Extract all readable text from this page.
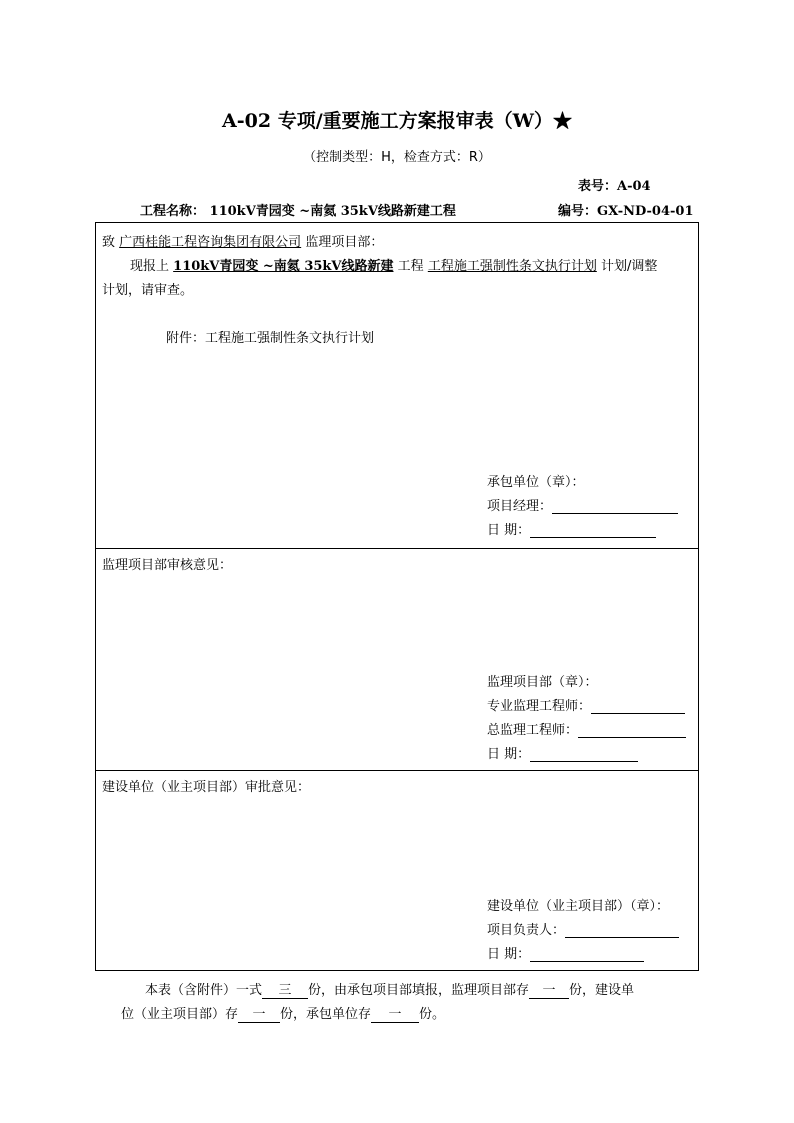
A-02 专项/重要施工方案报审表（W）★
（控制类型：H，检查方式：R）
表号：A-04
工程名称： 110kV青园变 ~南氦 35kV线路新建工程	编号：GX-ND-04-01
致 广西桂能工程咨询集团有限公司 监理项目部：
现报上 110kV青园变 ~南氦 35kV线路新建 工程 工程施工强制性条文执行计划 计划/调整
计划，请审查。
附件：工程施工强制性条文执行计划
承包单位（章）：
项目经理：
日 期：
监理项目部审核意见：
监理项目部（章）：
专业监理工程师：
总监理工程师：
日 期：
建设单位（业主项目部）审批意见：
建设单位（业主项目部）（章）：
项目负责人：
日 期：
本表（含附件）一式 三 份，由承包项目部填报，监理项目部存 一 份，建设单
位（业主项目部）存 一 份，承包单位存 一 份。
